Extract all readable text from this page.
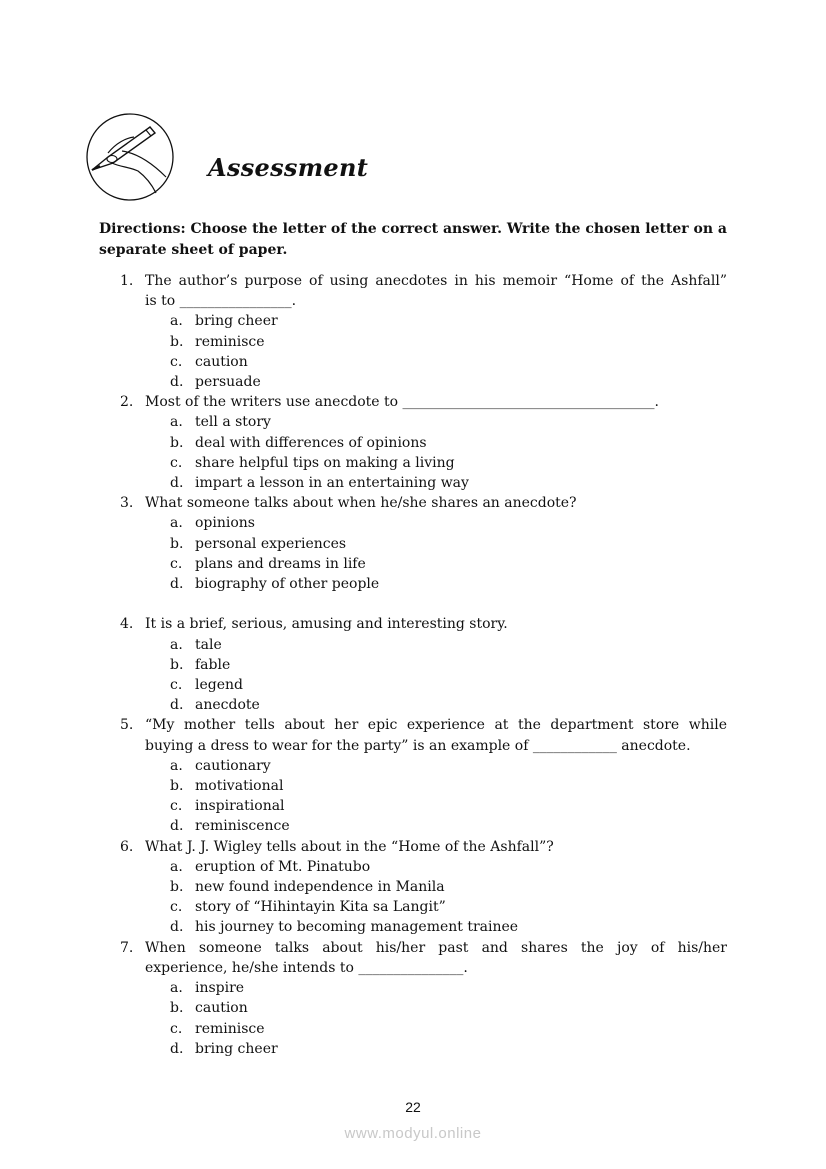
Assessment
Directions: Choose the letter of the correct answer. Write the chosen letter on a separate sheet of paper.
1. The author’s purpose of using anecdotes in his memoir “Home of the Ashfall”
is to ________________.
a. bring cheer
b. reminisce
c. caution
d. persuade
2. Most of the writers use anecdote to ____________________________________.
a. tell a story
b. deal with differences of opinions
c. share helpful tips on making a living
d. impart a lesson in an entertaining way
3. What someone talks about when he/she shares an anecdote?
a. opinions
b. personal experiences
c. plans and dreams in life
d. biography of other people
4. It is a brief, serious, amusing and interesting story.
a. tale
b. fable
c. legend
d. anecdote
5. “My mother tells about her epic experience at the department store while
buying a dress to wear for the party” is an example of ____________ anecdote.
a. cautionary
b. motivational
c. inspirational
d. reminiscence
6. What J. J. Wigley tells about in the “Home of the Ashfall”?
a. eruption of Mt. Pinatubo
b. new found independence in Manila
c. story of “Hihintayin Kita sa Langit”
d. his journey to becoming management trainee
7. When someone talks about his/her past and shares the joy of his/her
experience, he/she intends to _______________.
a. inspire
b. caution
c. reminisce
d. bring cheer
22
www.modyul.online
